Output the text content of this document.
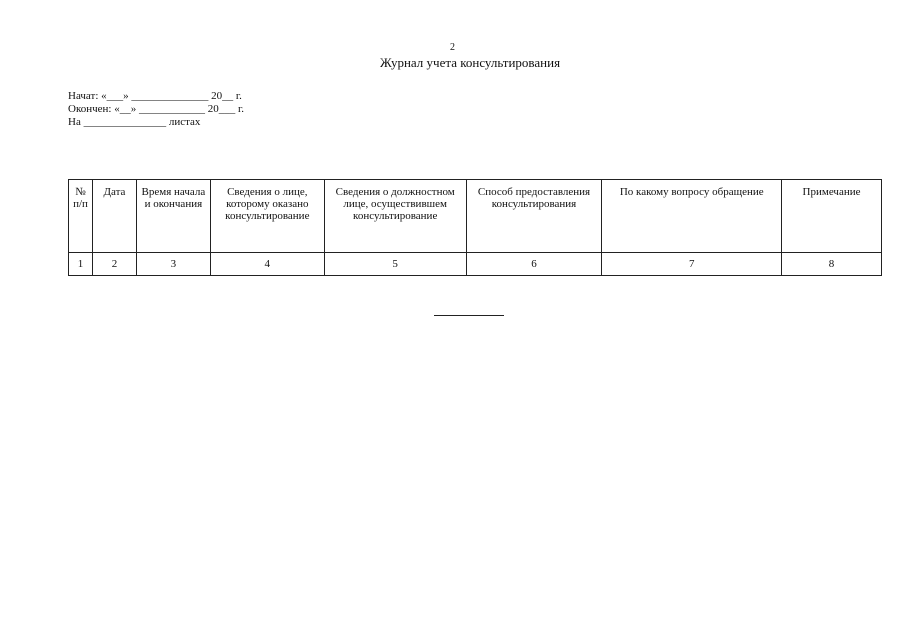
2
Журнал учета консультирования
Начат: «___» ______________ 20__ г.
Окончен: «__» ____________ 20___ г.
На _______________ листах
№ п/п	Дата	Время начала и окончания	Сведения о лице, которому оказано консультирование	Сведения о должностном лице, осуществившем консультирование	Способ предоставления консультирования	По какому вопросу обращение	Примечание
1	2	3	4	5	6	7	8
